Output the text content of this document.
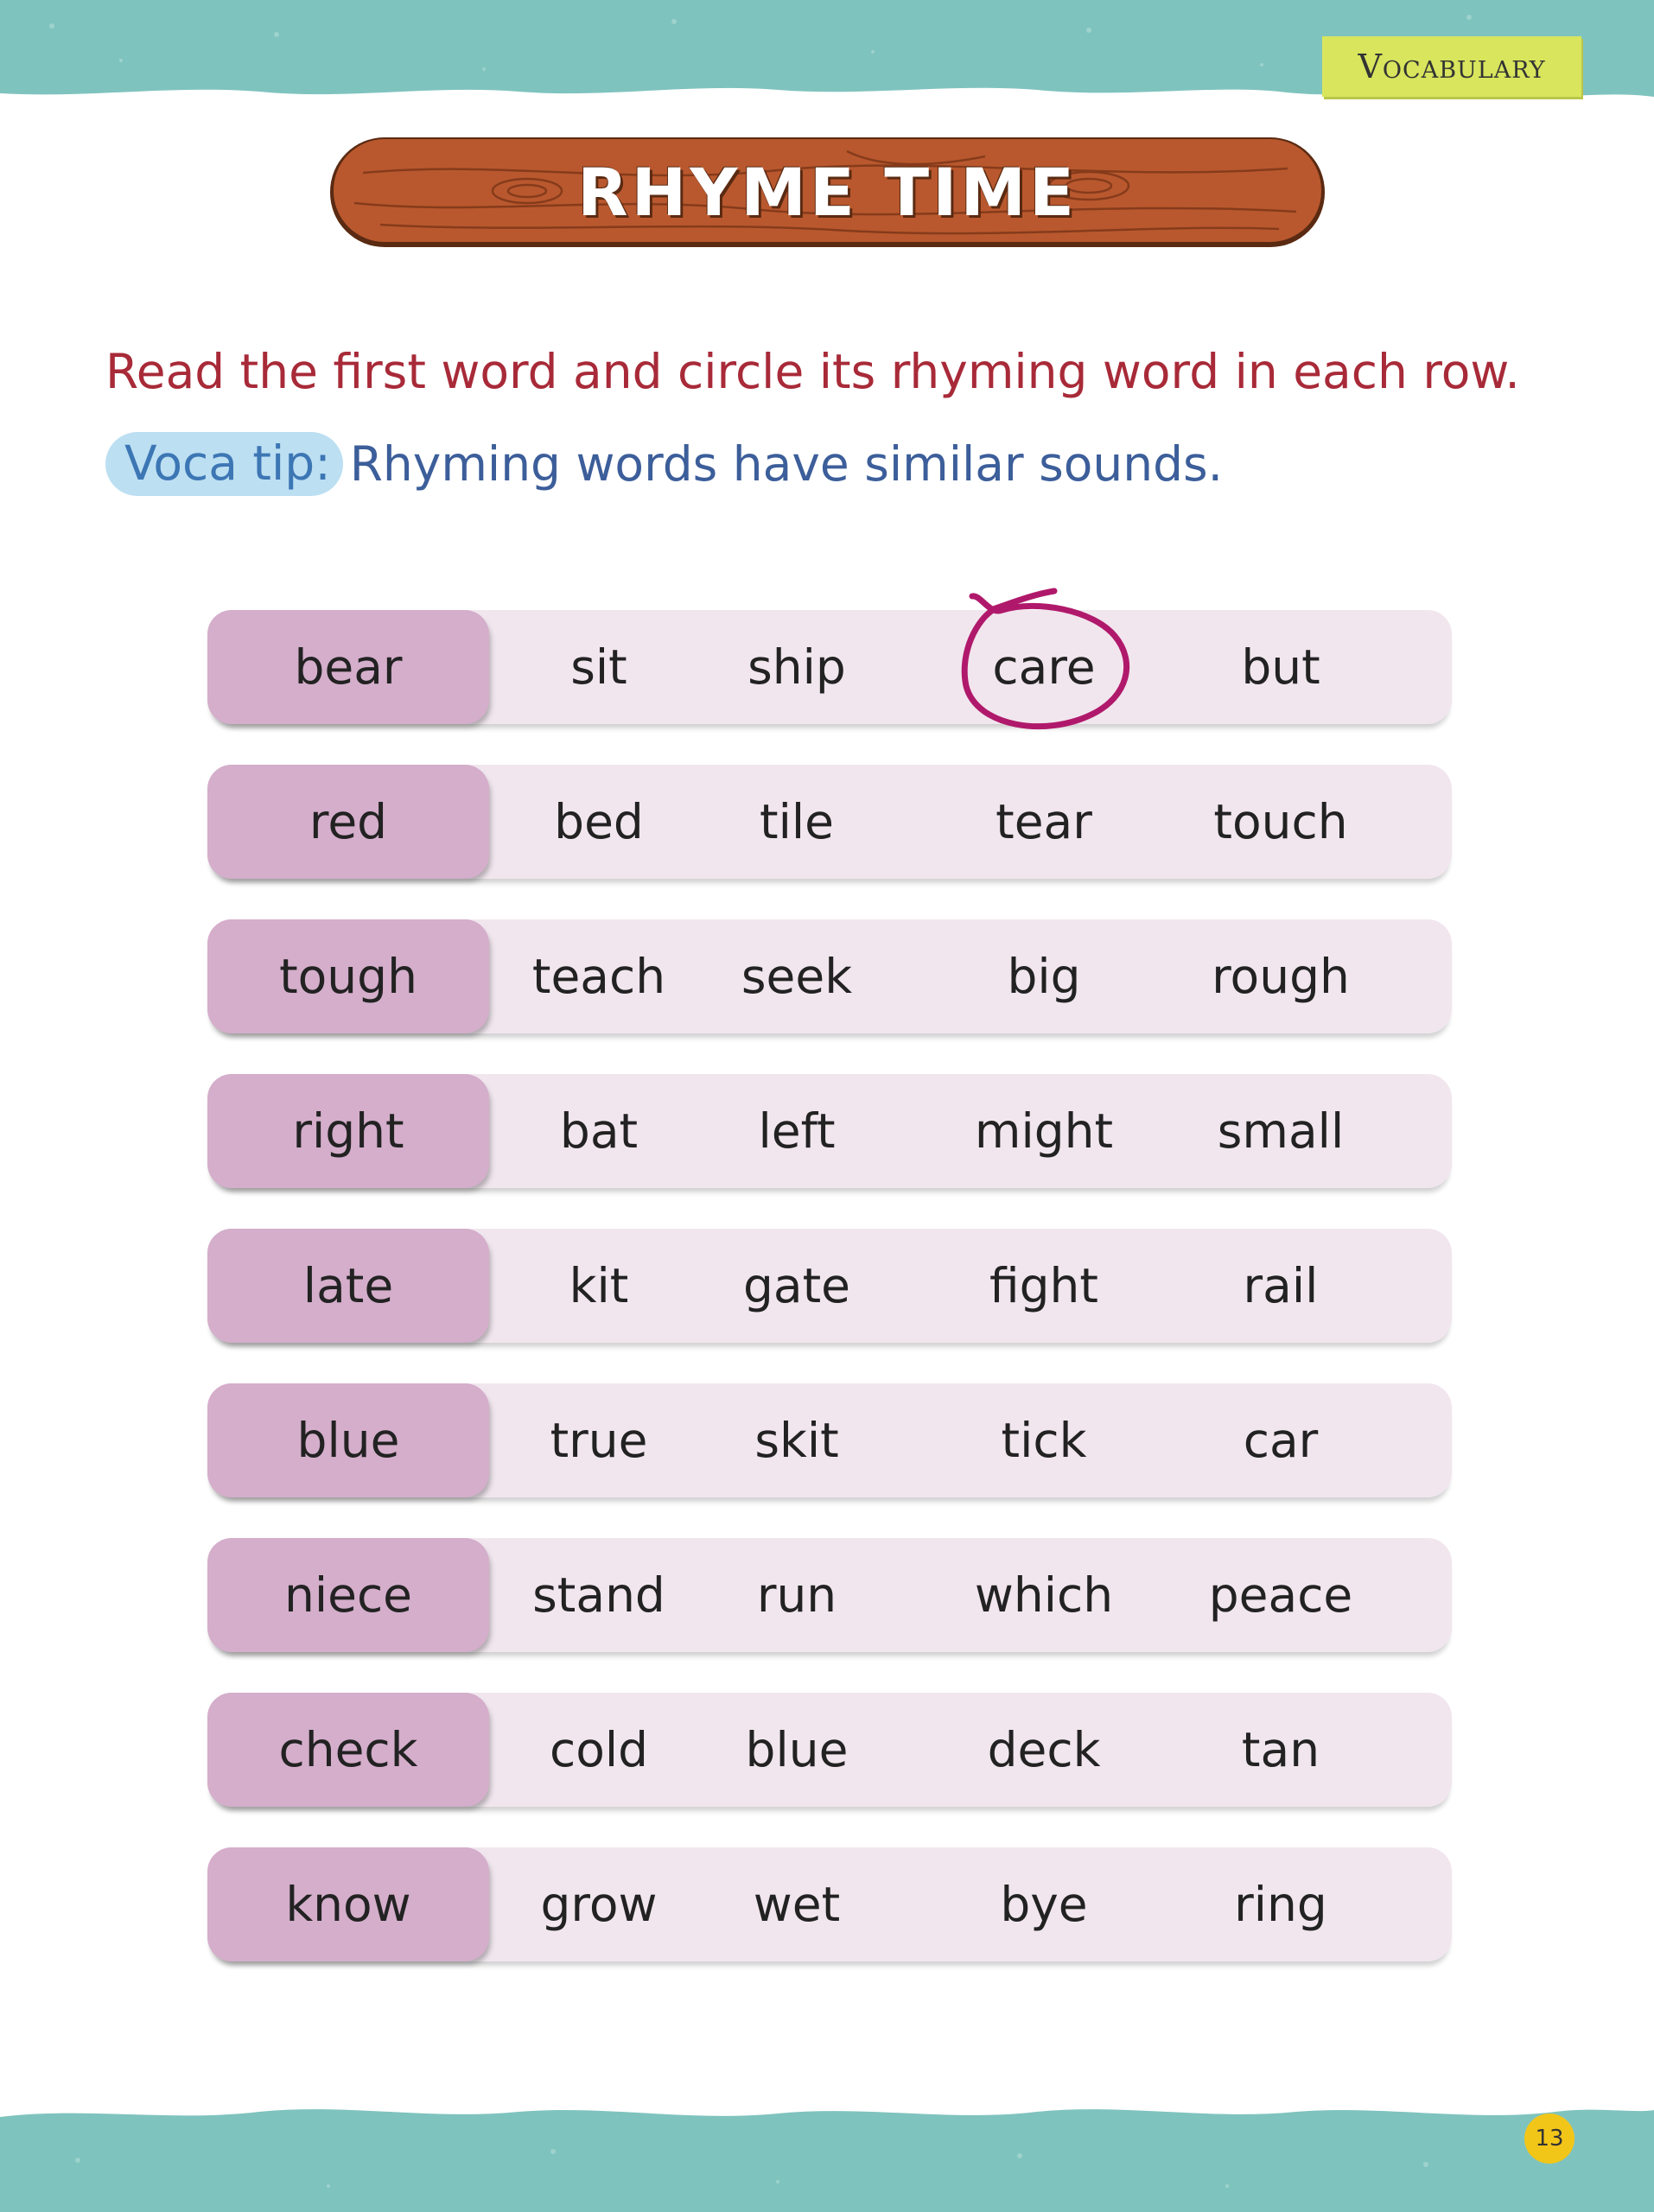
Vocabulary
RHYME TIME
Read the first word and circle its rhyming word in each row.
Voca tip: Rhyming words have similar sounds.
bear	sit	ship	care	but
red	bed	tile	tear	touch
tough	teach	seek	big	rough
right	bat	left	might	small
late	kit	gate	fight	rail
blue	true	skit	tick	car
niece	stand	run	which	peace
check	cold	blue	deck	tan
know	grow	wet	bye	ring
13
